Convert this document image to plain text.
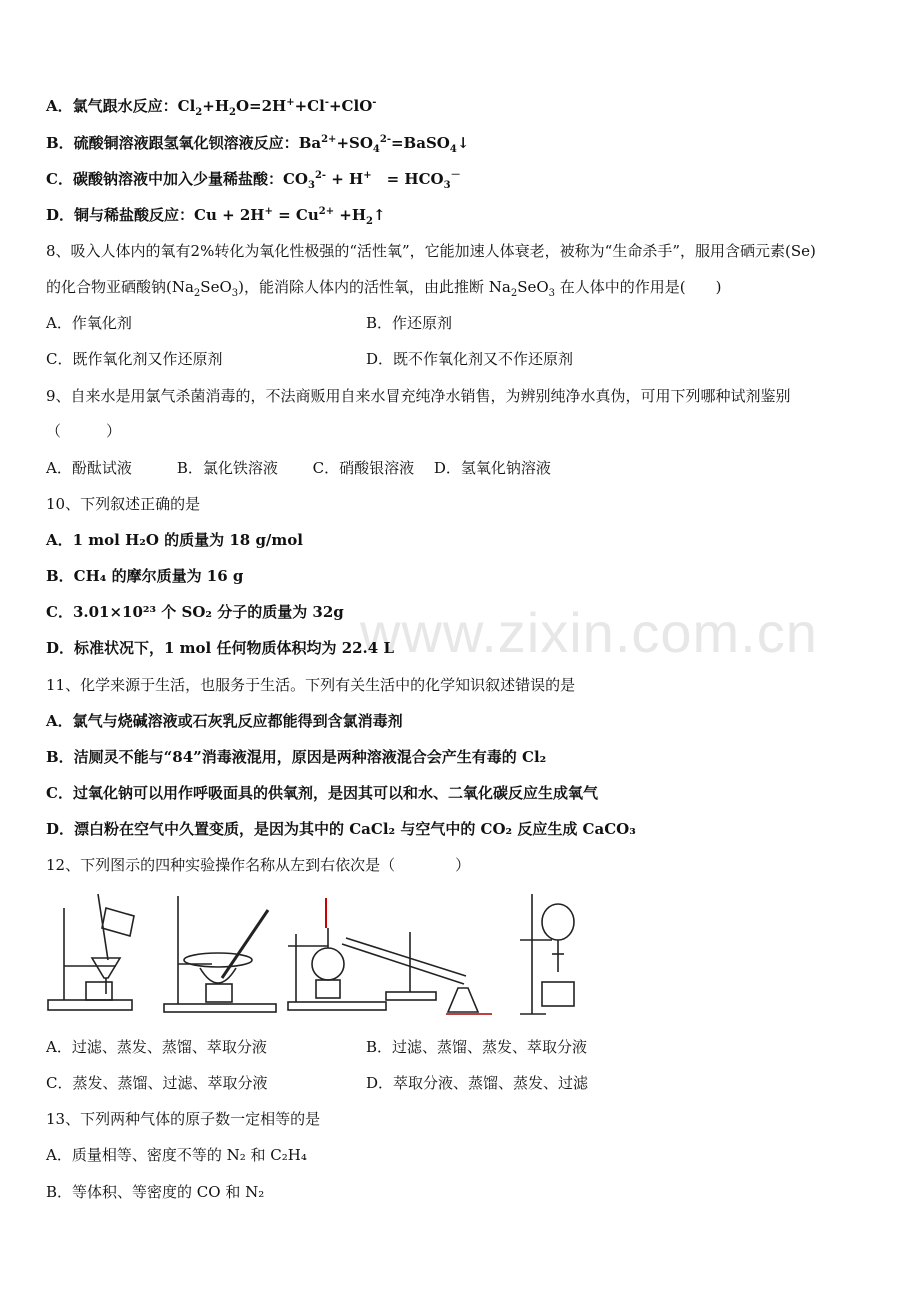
www.zixin.com.cn
A．氯气跟水反应：$Cl_2+H_2O=2H^++Cl^-+ClO^-$
B．硫酸铜溶液跟氢氧化钡溶液反应：$Ba^{2+}+SO_4^{2-}=BaSO_4↓$
C．碳酸钠溶液中加入少量稀盐酸：$CO_3^{2-} + H^+$　= $HCO_3^-$
D．铜与稀盐酸反应：$Cu + 2H^+ = Cu^{2+}$ $+H_2↑$
8、吸入人体内的氧有2%转化为氧化性极强的“活性氧”，它能加速人体衰老，被称为“生命杀手”，服用含硒元素(Se)
的化合物亚硒酸钠$(Na_2SeO_3)$，能消除人体内的活性氧，由此推断 $Na_2SeO_3$ 在人体中的作用是(　　)
A．作氧化剂	B．作还原剂
C．既作氧化剂又作还原剂	D．既不作氧化剂又不作还原剂
9、自来水是用氯气杀菌消毒的，不法商贩用自来水冒充纯净水销售，为辨别纯净水真伪，可用下列哪种试剂鉴别
（　　　）
A．酚酞试液　　　B．氯化铁溶液　　 C．硝酸银溶液　 D．氢氧化钠溶液
10、下列叙述正确的是
A．1 mol H₂O 的质量为 18 g/mol
B．CH₄ 的摩尔质量为 16 g
C．3.01×10²³ 个 SO₂ 分子的质量为 32g
D．标准状况下，1 mol 任何物质体积均为 22.4 L
11、化学来源于生活，也服务于生活。下列有关生活中的化学知识叙述错误的是
A．氯气与烧碱溶液或石灰乳反应都能得到含氯消毒剂
B．洁厕灵不能与“84”消毒液混用，原因是两种溶液混合会产生有毒的 Cl₂
C．过氧化钠可以用作呼吸面具的供氧剂，是因其可以和水、二氧化碳反应生成氧气
D．漂白粉在空气中久置变质，是因为其中的 CaCl₂ 与空气中的 CO₂ 反应生成 CaCO₃
12、下列图示的四种实验操作名称从左到右依次是（　　　　）
A．过滤、蒸发、蒸馏、萃取分液	B．过滤、蒸馏、蒸发、萃取分液
C．蒸发、蒸馏、过滤、萃取分液	D．萃取分液、蒸馏、蒸发、过滤
13、下列两种气体的原子数一定相等的是
A．质量相等、密度不等的 N₂ 和 C₂H₄
B．等体积、等密度的 CO 和 N₂
